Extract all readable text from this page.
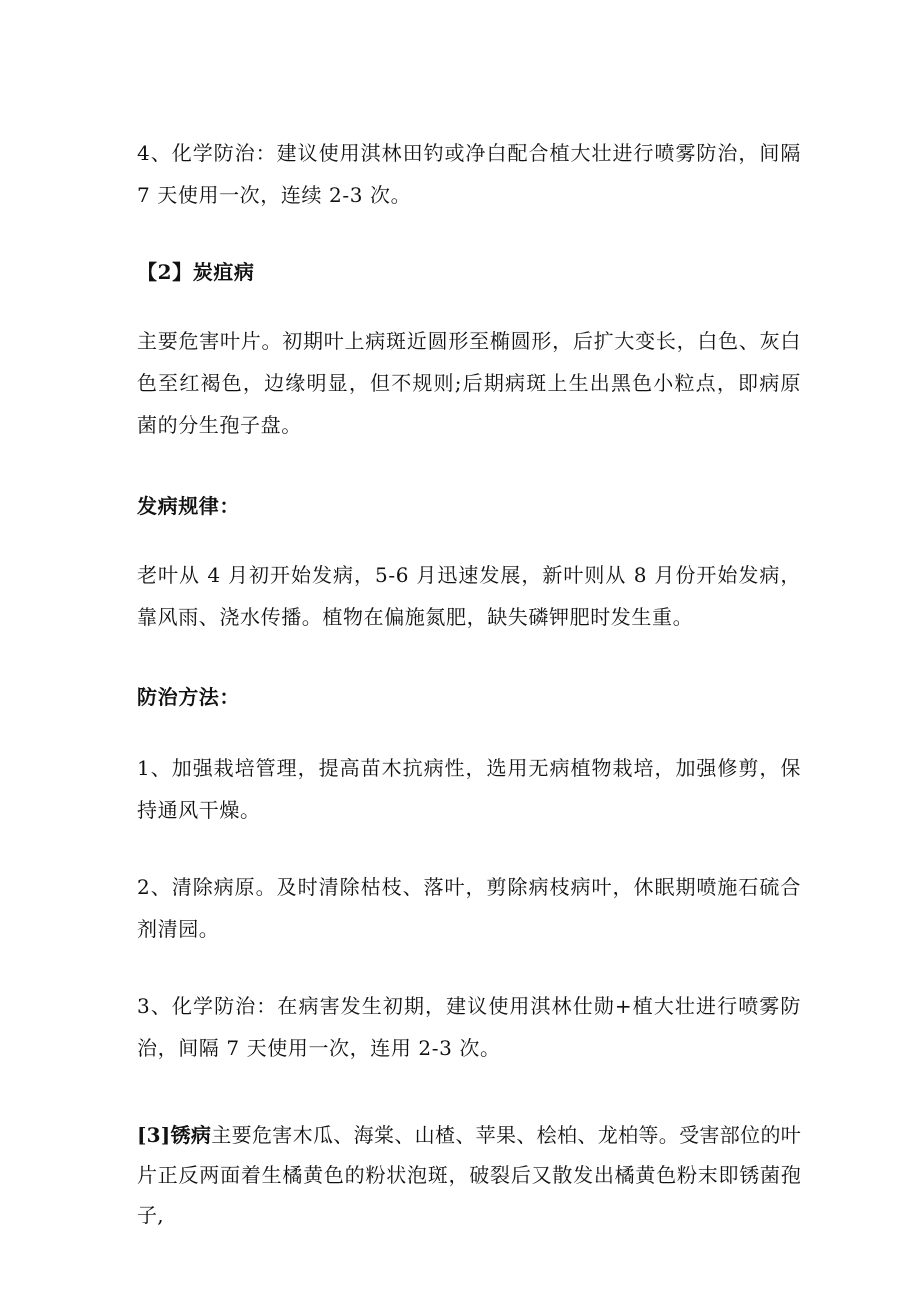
4、化学防治：建议使用淇林田钓或净白配合植大壮进行喷雾防治，间隔 7 天使用一次，连续 2-3 次。

【2】炭疽病

主要危害叶片。初期叶上病斑近圆形至椭圆形，后扩大变长，白色、灰白色至红褐色，边缘明显，但不规则;后期病斑上生出黑色小粒点，即病原菌的分生孢子盘。

发病规律：

老叶从 4 月初开始发病，5-6 月迅速发展，新叶则从 8 月份开始发病，靠风雨、浇水传播。植物在偏施氮肥，缺失磷钾肥时发生重。

防治方法：

1、加强栽培管理，提高苗木抗病性，选用无病植物栽培，加强修剪，保持通风干燥。

2、清除病原。及时清除枯枝、落叶，剪除病枝病叶，休眠期喷施石硫合剂清园。

3、化学防治：在病害发生初期，建议使用淇林仕勋+植大壮进行喷雾防治，间隔 7 天使用一次，连用 2-3 次。

[3]锈病主要危害木瓜、海棠、山楂、苹果、桧柏、龙柏等。受害部位的叶片正反两面着生橘黄色的粉状泡斑，破裂后又散发出橘黄色粉末即锈菌孢子,
